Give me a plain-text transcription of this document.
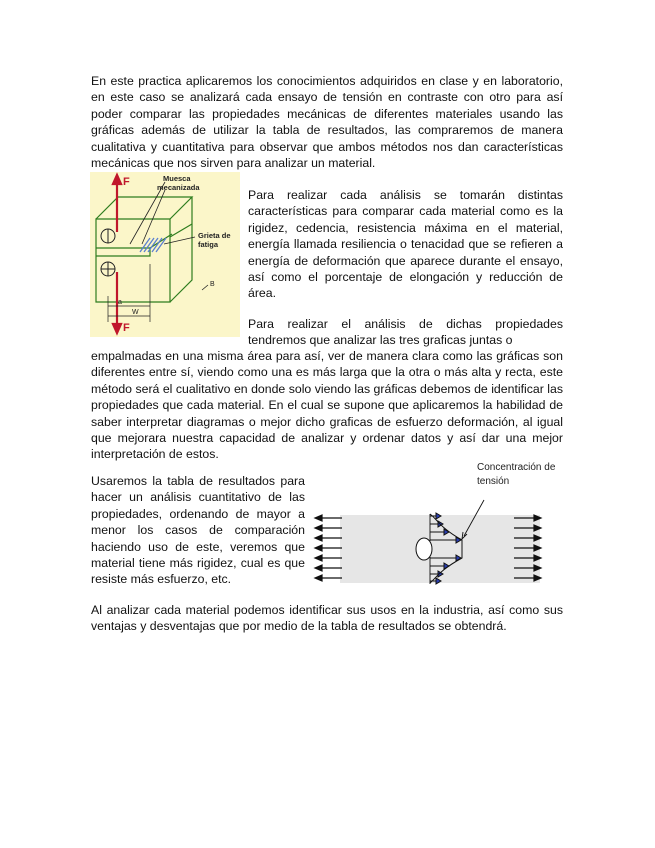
En este practica aplicaremos los conocimientos adquiridos en clase y en laboratorio, en este caso se analizará cada ensayo de tensión en contraste con otro para así poder comparar las propiedades mecánicas de diferentes materiales usando las gráficas además de utilizar la tabla de resultados, las compraremos de manera cualitativa y cuantitativa para observar que ambos métodos nos dan características mecánicas que nos sirven para analizar un material.

F
F
Muesca
mecanizada
Grieta de
fatiga
a
W
B

Para realizar cada análisis se tomarán distintas características para comparar cada material como es la rigidez, cedencia, resistencia máxima en el material, energía llamada resiliencia o tenacidad que se refieren a energía de deformación que aparece durante el ensayo, así como el porcentaje de elongación y reducción de área.

Para realizar el análisis de dichas propiedades tendremos que analizar las tres graficas juntas o

empalmadas en una misma área para así, ver de manera clara como las gráficas son diferentes entre sí, viendo como una es más larga que la otra o más alta y recta, este método será el cualitativo en donde solo viendo las gráficas debemos de identificar las propiedades que cada material. En el cual se supone que aplicaremos la habilidad de saber interpretar diagramas o mejor dicho graficas de esfuerzo deformación, al igual que mejorara nuestra capacidad de analizar y ordenar datos y así dar una mejor interpretación de estos.

Usaremos la tabla de resultados para hacer un análisis cuantitativo de las propiedades, ordenando de mayor a menor los casos de comparación haciendo uso de este, veremos que material tiene más rigidez, cual es que resiste más esfuerzo, etc.

Concentración de
tensión

Al analizar cada material podemos identificar sus usos en la industria, así como sus ventajas y desventajas que por medio de la tabla de resultados se obtendrá.
